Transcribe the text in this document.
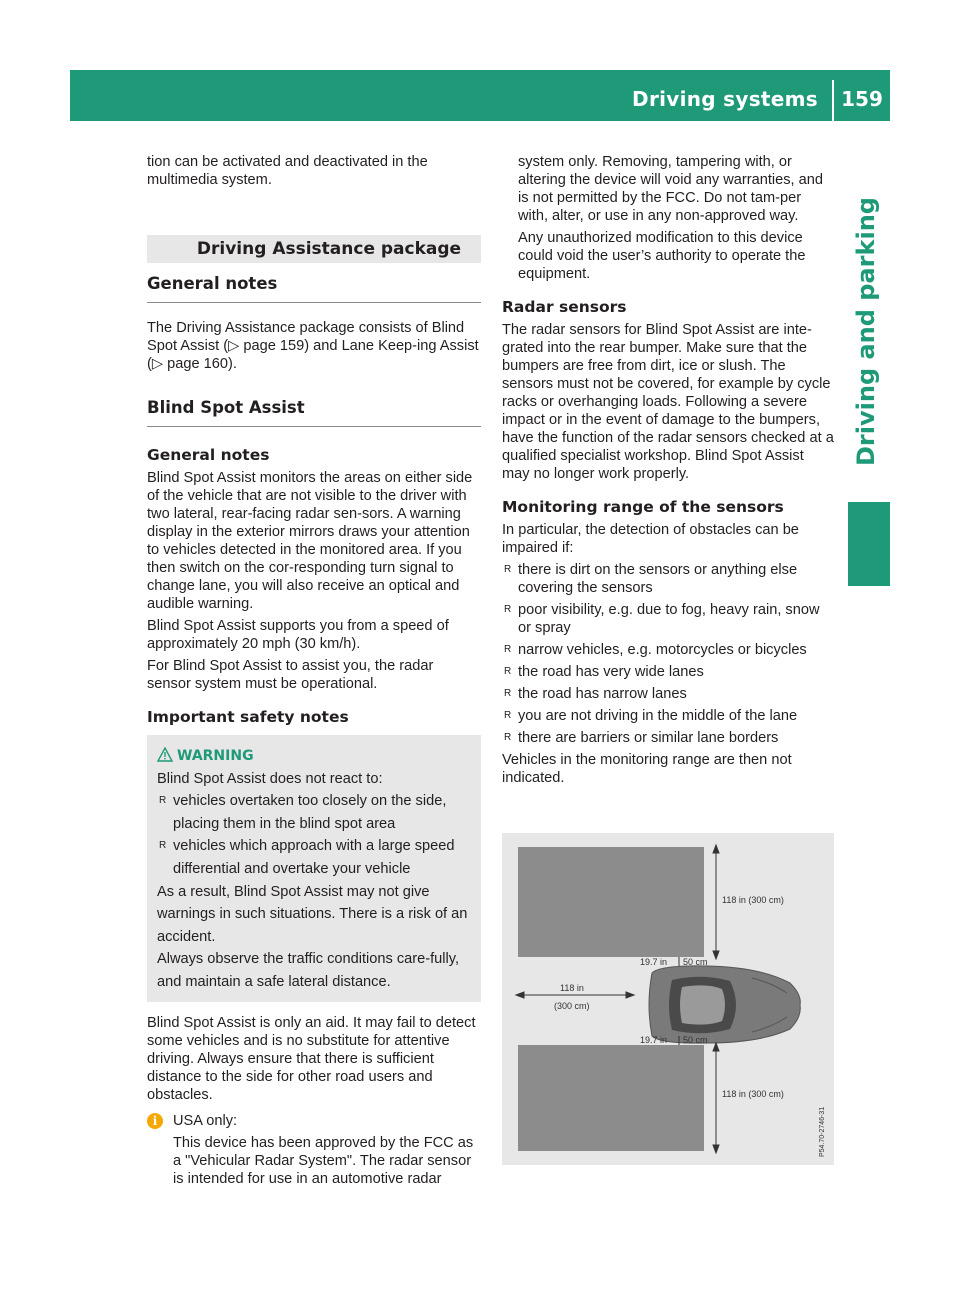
Driving systems	159
Driving and parking

tion can be activated and deactivated in the multimedia system.

Driving Assistance package
General notes

The Driving Assistance package consists of Blind Spot Assist (▷ page 159) and Lane Keep-ing Assist (▷ page 160).

Blind Spot Assist
General notes

Blind Spot Assist monitors the areas on either side of the vehicle that are not visible to the driver with two lateral, rear-facing radar sen-sors. A warning display in the exterior mirrors draws your attention to vehicles detected in the monitored area. If you then switch on the cor-responding turn signal to change lane, you will also receive an optical and audible warning.

Blind Spot Assist supports you from a speed of approximately 20 mph (30 km/h).

For Blind Spot Assist to assist you, the radar sensor system must be operational.

Important safety notes
WARNING

Blind Spot Assist does not react to:

R vehicles overtaken too closely on the side, placing them in the blind spot area
R vehicles which approach with a large speed differential and overtake your vehicle

As a result, Blind Spot Assist may not give warnings in such situations. There is a risk of an accident.

Always observe the traffic conditions care-fully, and maintain a safe lateral distance.

Blind Spot Assist is only an aid. It may fail to detect some vehicles and is no substitute for attentive driving. Always ensure that there is sufficient distance to the side for other road users and obstacles.

i	USA only:

This device has been approved by the FCC as a "Vehicular Radar System". The radar sensor is intended for use in an automotive radar

system only. Removing, tampering with, or altering the device will void any warranties, and is not permitted by the FCC. Do not tam-per with, alter, or use in any non-approved way.

Any unauthorized modification to this device could void the user’s authority to operate the equipment.

Radar sensors

The radar sensors for Blind Spot Assist are inte-grated into the rear bumper. Make sure that the bumpers are free from dirt, ice or slush. The sensors must not be covered, for example by cycle racks or overhanging loads. Following a severe impact or in the event of damage to the bumpers, have the function of the radar sensors checked at a qualified specialist workshop. Blind Spot Assist may no longer work properly.

Monitoring range of the sensors

In particular, the detection of obstacles can be impaired if:

R there is dirt on the sensors or anything else covering the sensors
R poor visibility, e.g. due to fog, heavy rain, snow or spray
R narrow vehicles, e.g. motorcycles or bicycles
R the road has very wide lanes
R the road has narrow lanes
R you are not driving in the middle of the lane
R there are barriers or similar lane borders

Vehicles in the monitoring range are then not indicated.

118 in (300 cm)
118 in (300 cm)
118 in
(300 cm)
19.7 in 50 cm
19.7 in 50 cm
P54.70-2746-31
